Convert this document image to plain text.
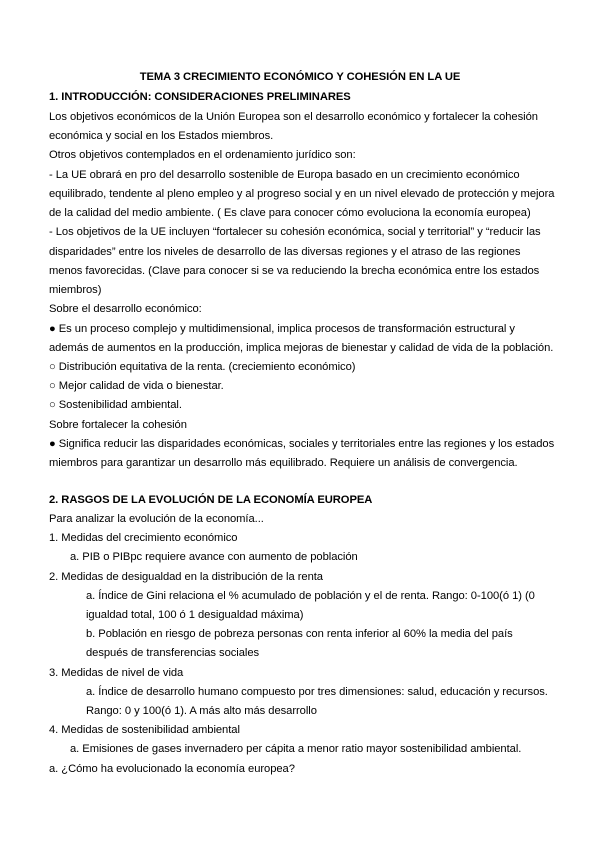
TEMA 3 CRECIMIENTO ECONÓMICO Y COHESIÓN EN LA UE
1. INTRODUCCIÓN: CONSIDERACIONES PRELIMINARES
Los objetivos económicos de la Unión Europea son el desarrollo económico y fortalecer la cohesión
económica y social en los Estados miembros.
Otros objetivos contemplados en el ordenamiento jurídico son:
- La UE obrará en pro del desarrollo sostenible de Europa basado en un crecimiento económico
equilibrado, tendente al pleno empleo y al progreso social y en un nivel elevado de protección y mejora
de la calidad del medio ambiente. ( Es clave para conocer cómo evoluciona la economía europea)
- Los objetivos de la UE incluyen “fortalecer su cohesión económica, social y territorial” y “reducir las
disparidades” entre los niveles de desarrollo de las diversas regiones y el atraso de las regiones
menos favorecidas. (Clave para conocer si se va reduciendo la brecha económica entre los estados
miembros)
Sobre el desarrollo económico:
● Es un proceso complejo y multidimensional, implica procesos de transformación estructural y
además de aumentos en la producción, implica mejoras de bienestar y calidad de vida de la población.
○ Distribución equitativa de la renta. (creciemiento económico)
○ Mejor calidad de vida o bienestar.
○ Sostenibilidad ambiental.
Sobre fortalecer la cohesión
● Significa reducir las disparidades económicas, sociales y territoriales entre las regiones y los estados
miembros para garantizar un desarrollo más equilibrado. Requiere un análisis de convergencia.
2. RASGOS DE LA EVOLUCIÓN DE LA ECONOMÍA EUROPEA
Para analizar la evolución de la economía...
1. Medidas del crecimiento económico
a. PIB o PIBpc requiere avance con aumento de población
2. Medidas de desigualdad en la distribución de la renta
a. Índice de Gini relaciona el % acumulado de población y el de renta. Rango: 0-100(ó 1) (0
igualdad total, 100 ó 1 desigualdad máxima)
b. Población en riesgo de pobreza personas con renta inferior al 60% la media del país
después de transferencias sociales
3. Medidas de nivel de vida
a. Índice de desarrollo humano compuesto por tres dimensiones: salud, educación y recursos.
Rango: 0 y 100(ó 1). A más alto más desarrollo
4. Medidas de sostenibilidad ambiental
a. Emisiones de gases invernadero per cápita a menor ratio mayor sostenibilidad ambiental.
a. ¿Cómo ha evolucionado la economía europea?
